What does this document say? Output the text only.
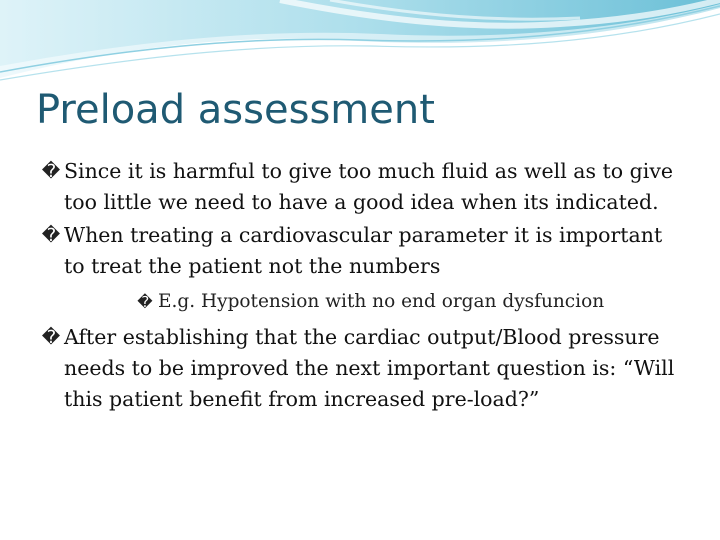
Preload assessment
� Since it is harmful to give too much fluid as well as to give too little we need to have a good idea when its indicated.
� When treating a cardiovascular parameter it is important to treat the patient not the numbers
� E.g. Hypotension with no end organ dysfuncion
� After establishing that the cardiac output/Blood pressure needs to be improved the next important question is: “Will this patient benefit from increased pre-load?”
